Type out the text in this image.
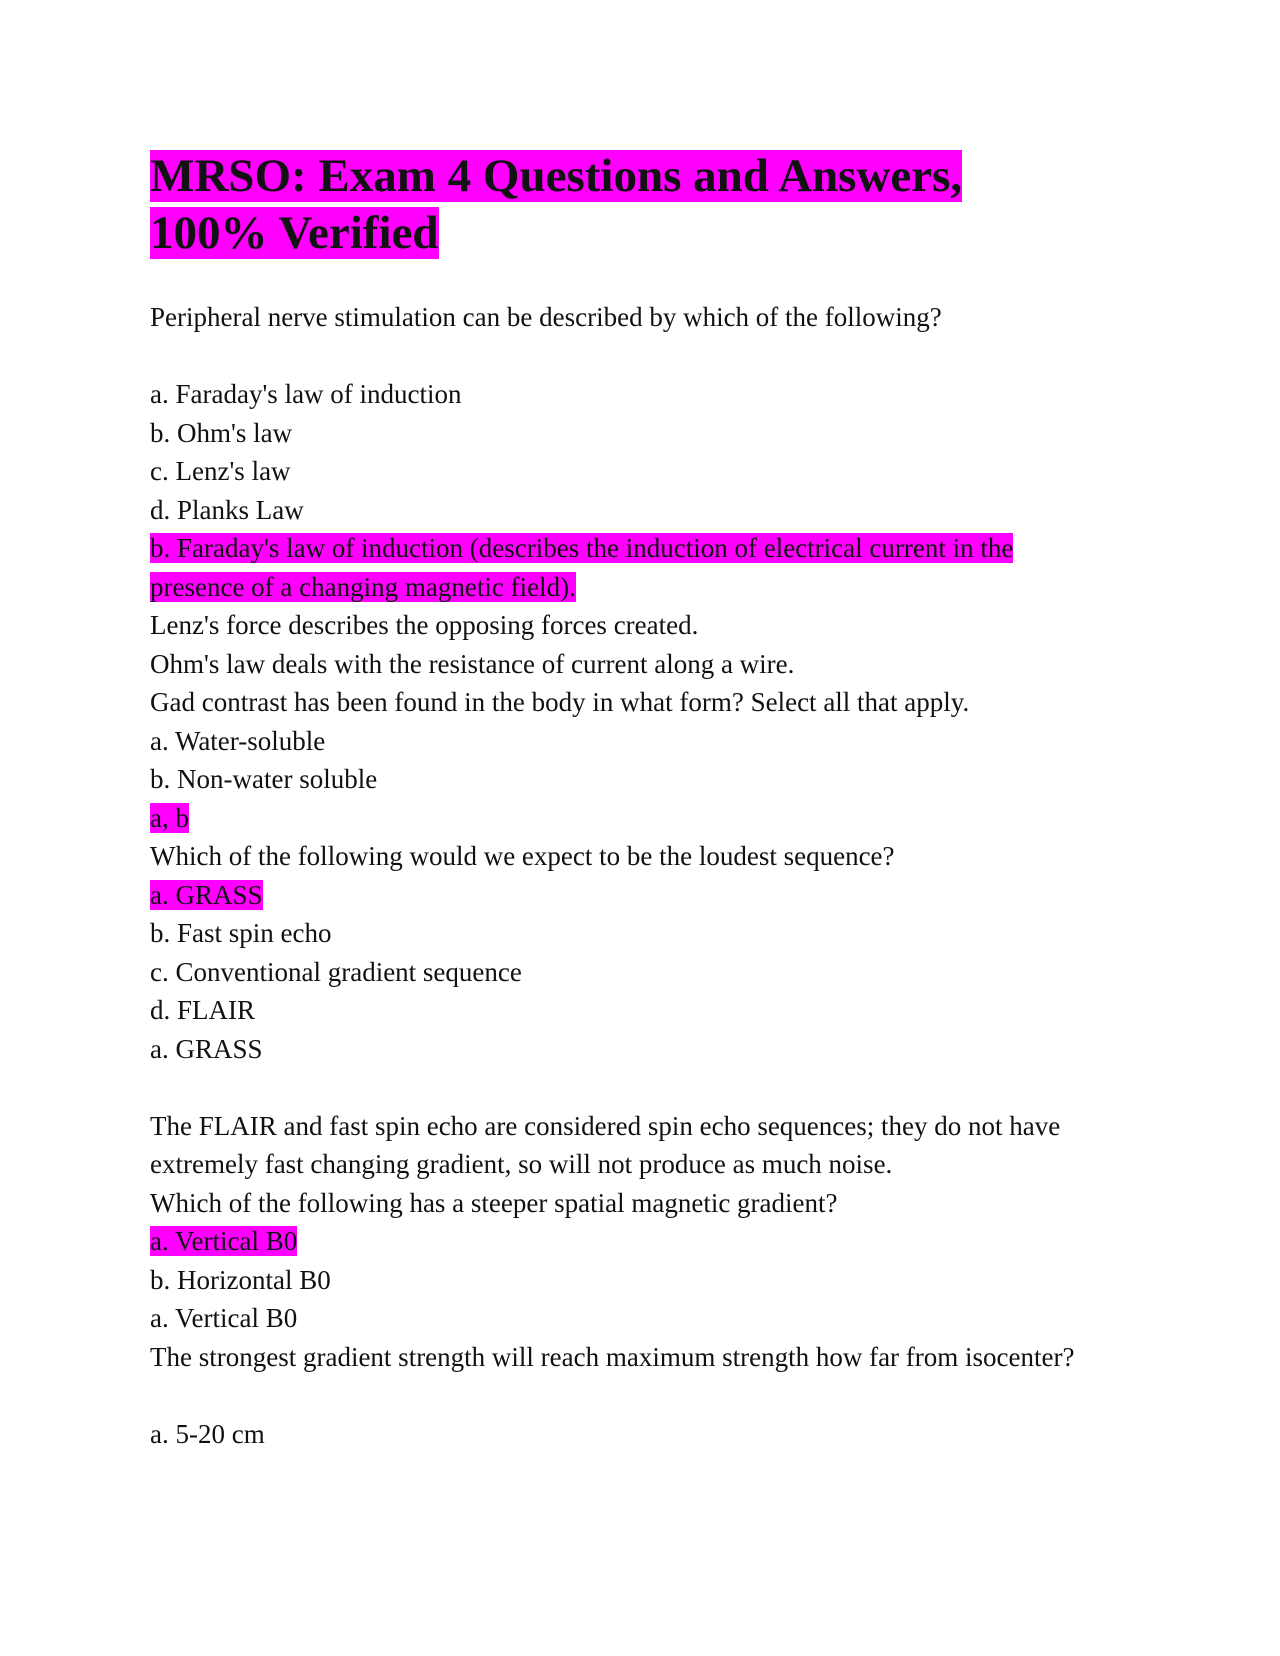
MRSO: Exam 4 Questions and Answers, 100% Verified
Peripheral nerve stimulation can be described by which of the following?
a. Faraday's law of induction
b. Ohm's law
c. Lenz's law
d. Planks Law
b. Faraday's law of induction (describes the induction of electrical current in the presence of a changing magnetic field).
Lenz's force describes the opposing forces created.
Ohm's law deals with the resistance of current along a wire.
Gad contrast has been found in the body in what form? Select all that apply.
a. Water-soluble
b. Non-water soluble
a, b
Which of the following would we expect to be the loudest sequence?
a. GRASS
b. Fast spin echo
c. Conventional gradient sequence
d. FLAIR
a. GRASS
The FLAIR and fast spin echo are considered spin echo sequences; they do not have extremely fast changing gradient, so will not produce as much noise.
Which of the following has a steeper spatial magnetic gradient?
a. Vertical B0
b. Horizontal B0
a. Vertical B0
The strongest gradient strength will reach maximum strength how far from isocenter?
a. 5-20 cm
